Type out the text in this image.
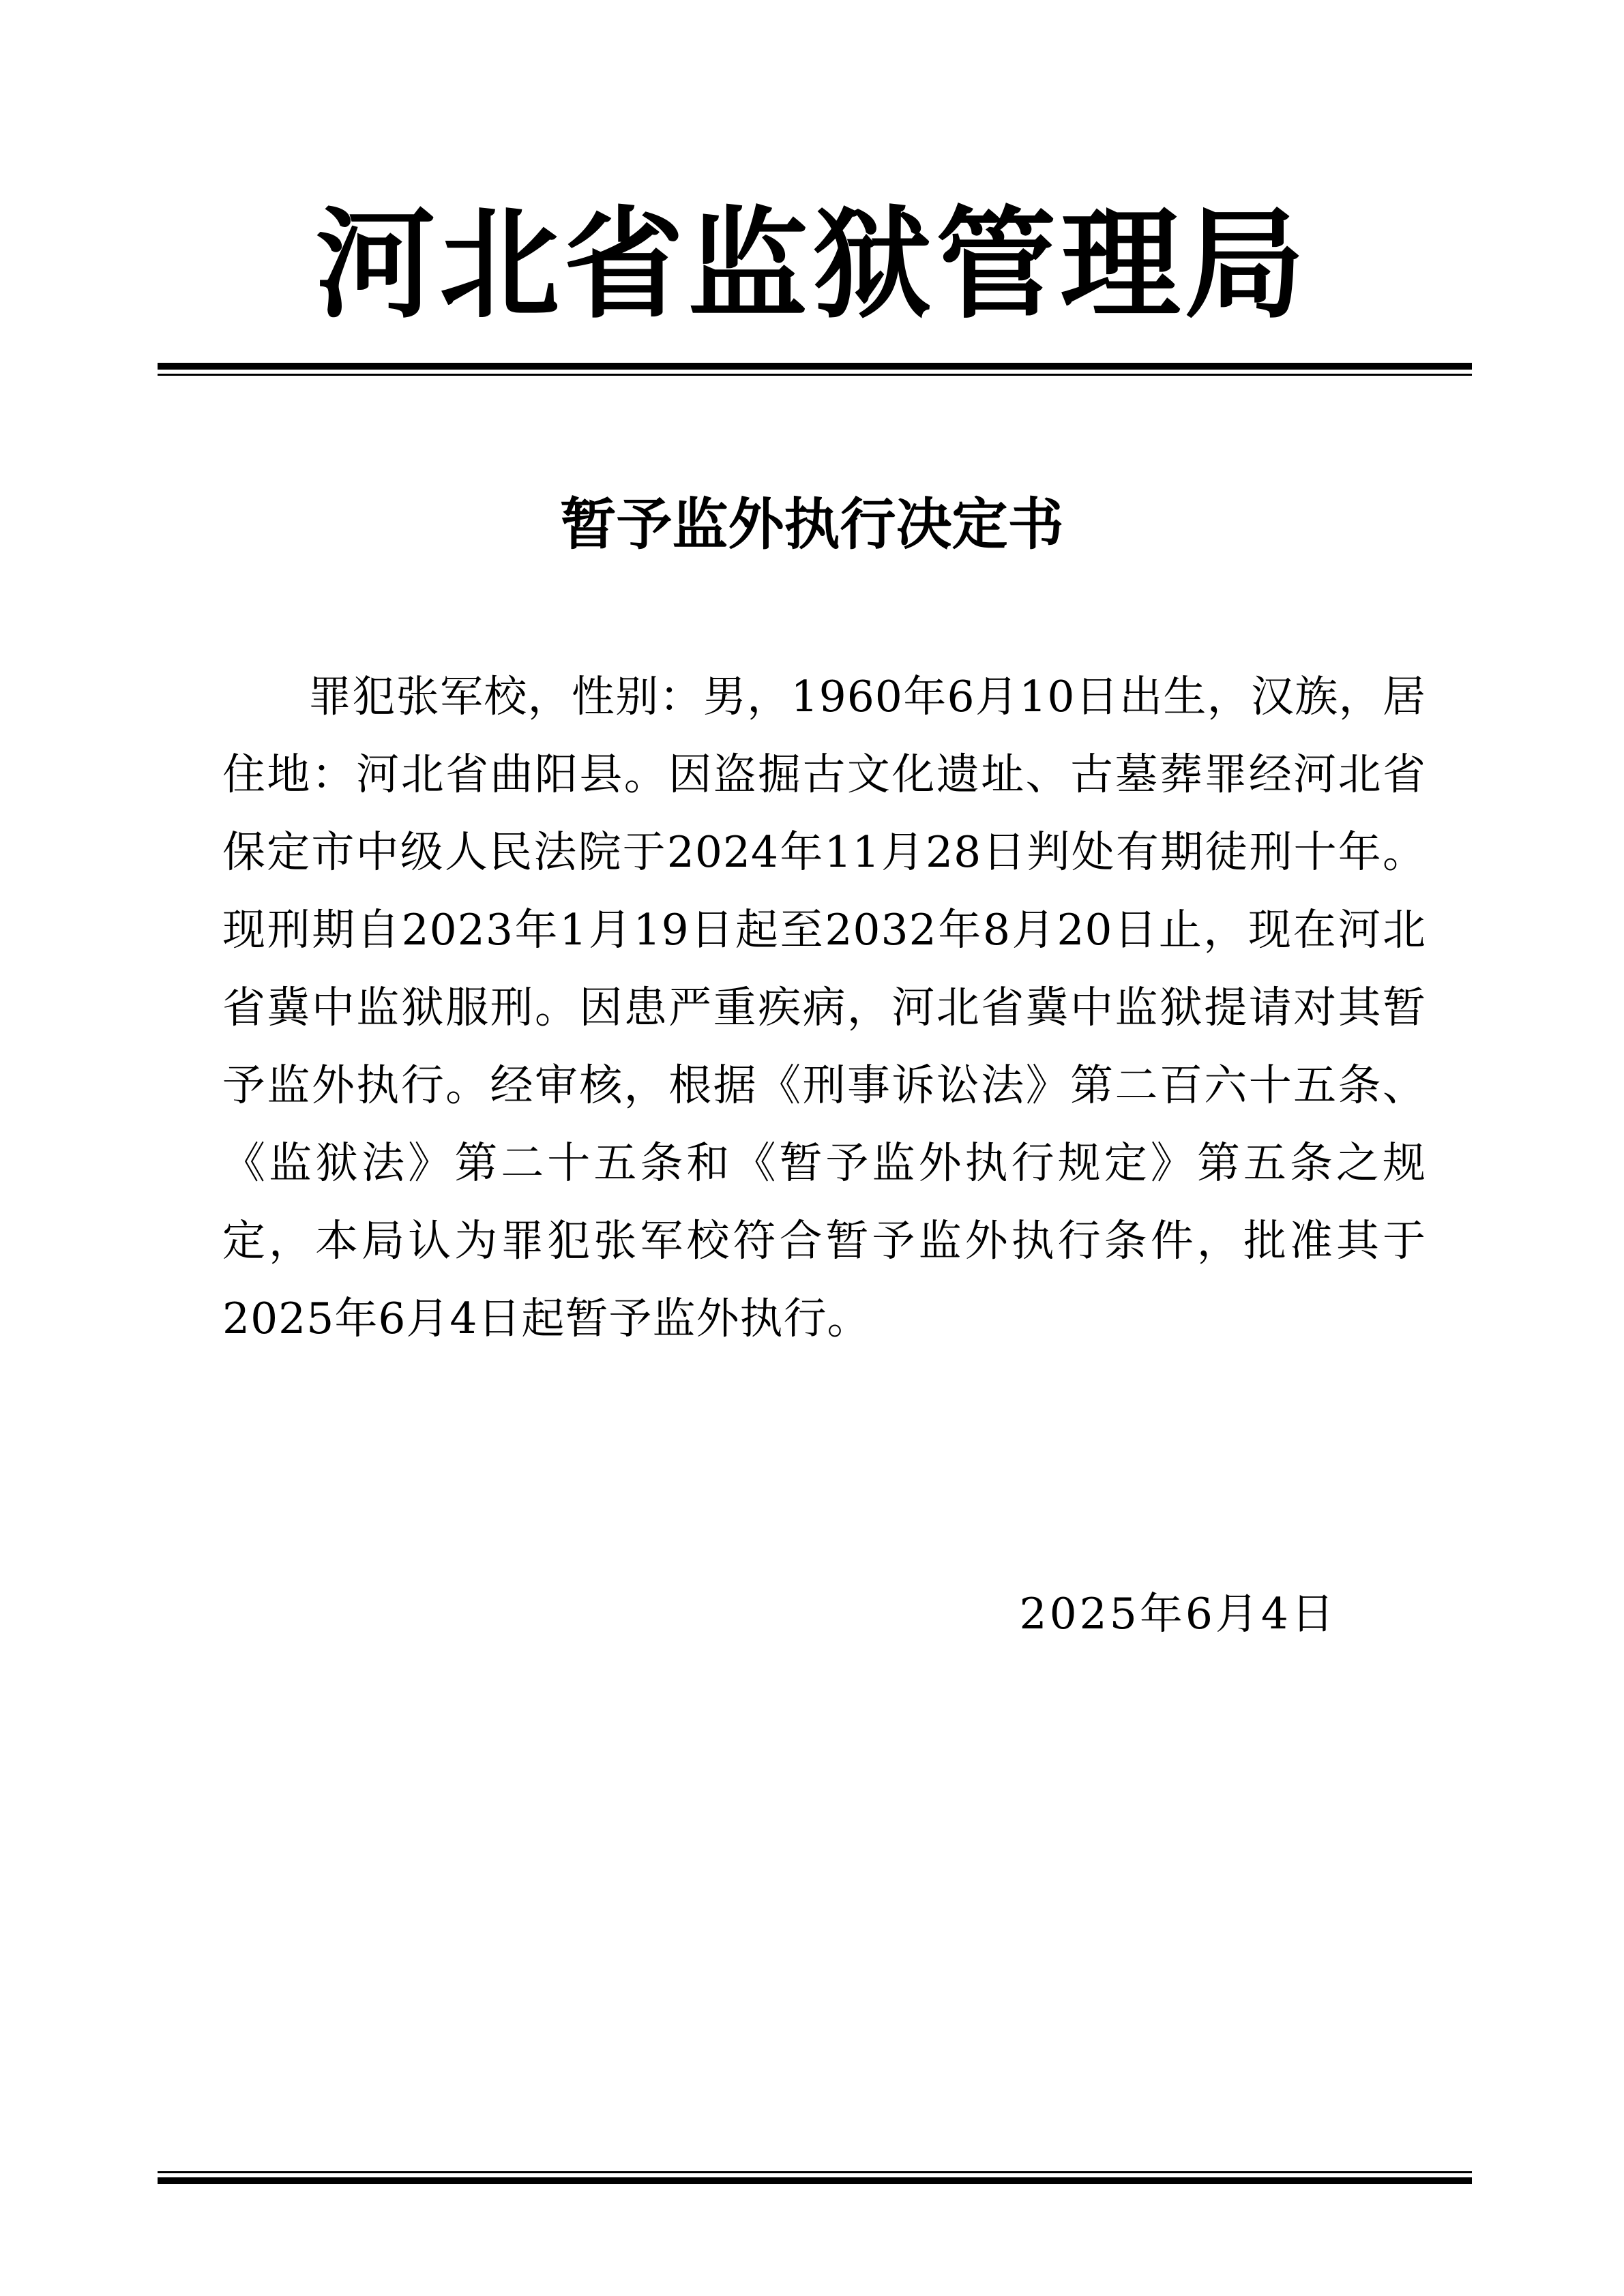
河北省监狱管理局
暂予监外执行决定书

罪犯张军校，性别：男，1960年6月10日出生，汉族，居住地：河北省曲阳县。因盗掘古文化遗址、古墓葬罪经河北省保定市中级人民法院于2024年11月28日判处有期徒刑十年。现刑期自2023年1月19日起至2032年8月20日止，现在河北省冀中监狱服刑。因患严重疾病，河北省冀中监狱提请对其暂予监外执行。经审核，根据《刑事诉讼法》第二百六十五条、《监狱法》第二十五条和《暂予监外执行规定》第五条之规定，本局认为罪犯张军校符合暂予监外执行条件，批准其于2025年6月4日起暂予监外执行。

2025年6月4日
